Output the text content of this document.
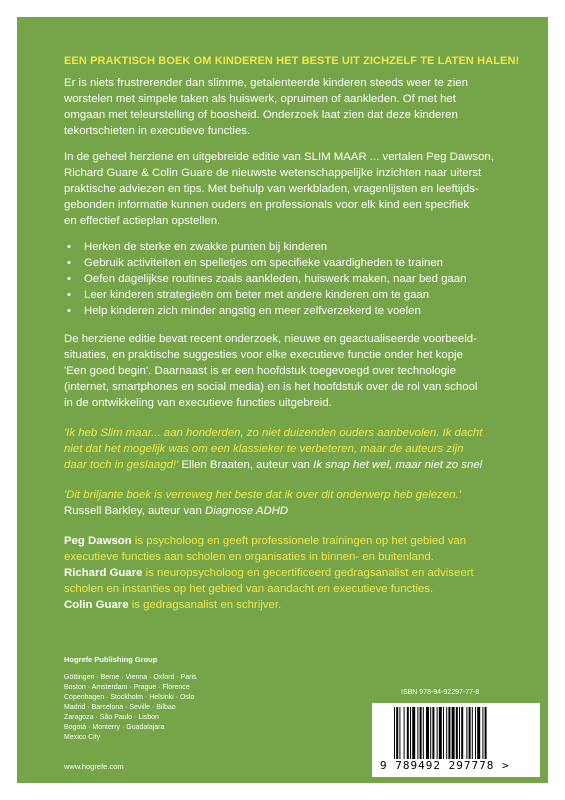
EEN PRAKTISCH BOEK OM KINDEREN HET BESTE UIT ZICHZELF TE LATEN HALEN!

Er is niets frustrerender dan slimme, getalenteerde kinderen steeds weer te zien
worstelen met simpele taken als huiswerk, opruimen of aankleden. Of met het
omgaan met teleurstelling of boosheid. Onderzoek laat zien dat deze kinderen
tekortschieten in executieve functies.

In de geheel herziene en uitgebreide editie van SLIM MAAR ... vertalen Peg Dawson,
Richard Guare & Colin Guare de nieuwste wetenschappelijke inzichten naar uiterst
praktische adviezen en tips. Met behulp van werkbladen, vragenlijsten en leeftijds-
gebonden informatie kunnen ouders en professionals voor elk kind een specifiek
en effectief actieplan opstellen.

• Herken de sterke en zwakke punten bij kinderen
• Gebruik activiteiten en spelletjes om specifieke vaardigheden te trainen
• Oefen dagelijkse routines zoals aankleden, huiswerk maken, naar bed gaan
• Leer kinderen strategieën om beter met andere kinderen om te gaan
• Help kinderen zich minder angstig en meer zelfverzekerd te voelen

De herziene editie bevat recent onderzoek, nieuwe en geactualiseerde voorbeeld-
situaties, en praktische suggesties voor elke executieve functie onder het kopje
'Een goed begin'. Daarnaast is er een hoofdstuk toegevoegd over technologie
(internet, smartphones en social media) en is het hoofdstuk over de rol van school
in de ontwikkeling van executieve functies uitgebreid.

'Ik heb Slim maar... aan honderden, zo niet duizenden ouders aanbevolen. Ik dacht
niet dat het mogelijk was om een klassieker te verbeteren, maar de auteurs zijn
daar toch in geslaagd!' Ellen Braaten, auteur van Ik snap het wel, maar niet zo snel

'Dit briljante boek is verreweg het beste dat ik over dit onderwerp heb gelezen.'
Russell Barkley, auteur van Diagnose ADHD

Peg Dawson is psycholoog en geeft professionele trainingen op het gebied van
executieve functies aan scholen en organisaties in binnen- en buitenland.
Richard Guare is neuropsycholoog en gecertificeerd gedragsanalist en adviseert
scholen en instanties op het gebied van aandacht en executieve functies.
Colin Guare is gedragsanalist en schrijver.
Hogrefe Publishing Group
Göttingen · Berne · Vienna · Oxford · Paris
Boston · Amsterdam · Prague · Florence
Copenhagen · Stockholm · Helsinki · Oslo
Madrid · Barcelona · Seville · Bilbao
Zaragoza · São Paulo · Lisbon
Bogotá · Monterry · Guadalajara
Mexico City
www.hogrefe.com
ISBN 978-94-92297-77-8
9 789492 297778 >
